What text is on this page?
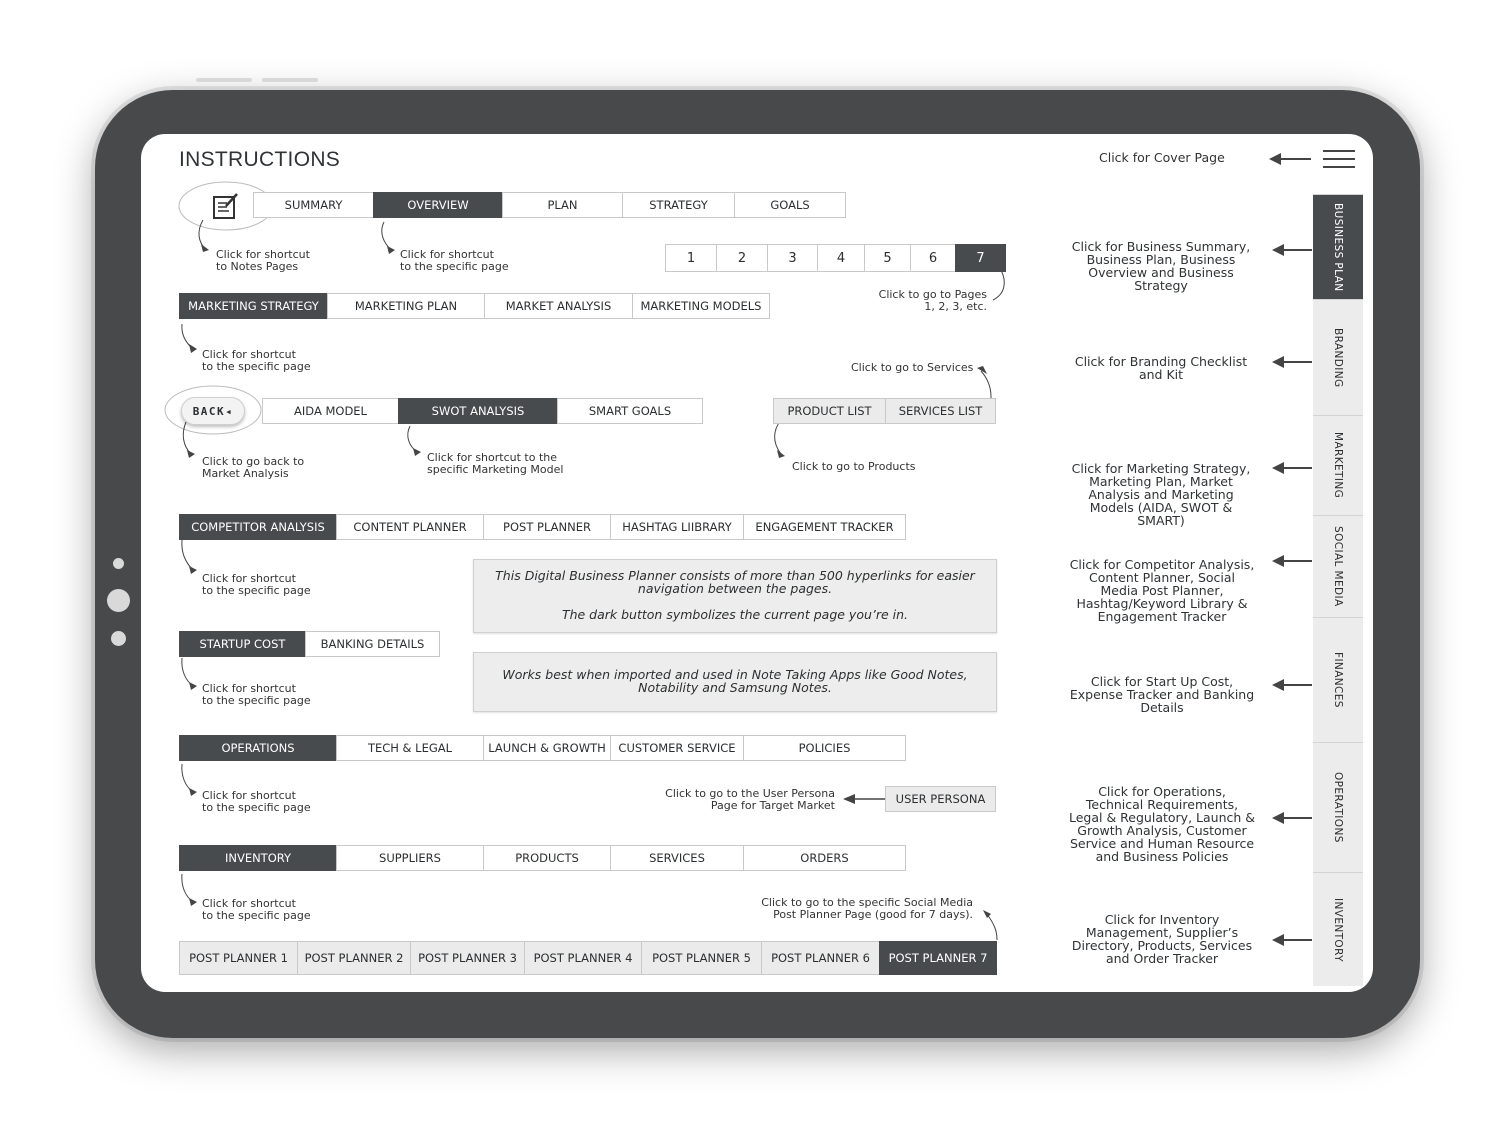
INSTRUCTIONS	Click for Cover Page
SUMMARY	OVERVIEW	PLAN	STRATEGY	GOALS
Click for shortcut
to Notes Pages
Click for shortcut
to the specific page
1	2	3	4	5	6	7
Click to go to Pages
1, 2, 3, etc.
MARKETING STRATEGY	MARKETING PLAN	MARKET ANALYSIS	MARKETING MODELS
Click for shortcut
to the specific page	Click to go to Services
BACK◂	AIDA MODEL	SWOT ANALYSIS	SMART GOALS	PRODUCT LIST	SERVICES LIST
Click to go back to
Market Analysis
Click for shortcut to the
specific Marketing Model	Click to go to Products
COMPETITOR ANALYSIS	CONTENT PLANNER	POST PLANNER	HASHTAG LIIBRARY	ENGAGEMENT TRACKER
Click for shortcut
to the specific page
This Digital Business Planner consists of more than 500 hyperlinks for easier
navigation between the pages.
The dark button symbolizes the current page you’re in.
STARTUP COST	BANKING DETAILS
Click for shortcut
to the specific page
Works best when imported and used in Note Taking Apps like Good Notes,
Notability and Samsung Notes.
OPERATIONS	TECH & LEGAL	LAUNCH & GROWTH	CUSTOMER SERVICE	POLICIES
Click for shortcut
to the specific page
Click to go to the User Persona
Page for Target Market	USER PERSONA
INVENTORY	SUPPLIERS	PRODUCTS	SERVICES	ORDERS
Click for shortcut
to the specific page
Click to go to the specific Social Media
Post Planner Page (good for 7 days).
POST PLANNER 1	POST PLANNER 2	POST PLANNER 3	POST PLANNER 4	POST PLANNER 5	POST PLANNER 6	POST PLANNER 7
Click for Business Summary,
Business Plan, Business
Overview and Business
Strategy
Click for Branding Checklist
and Kit
Click for Marketing Strategy,
Marketing Plan, Market
Analysis and Marketing
Models (AIDA, SWOT &
SMART)
Click for Competitor Analysis,
Content Planner, Social
Media Post Planner,
Hashtag/Keyword Library &
Engagement Tracker
Click for Start Up Cost,
Expense Tracker and Banking
Details
Click for Operations,
Technical Requirements,
Legal & Regulatory, Launch &
Growth Analysis, Customer
Service and Human Resource
and Business Policies
Click for Inventory
Management, Supplier’s
Directory, Products, Services
and Order Tracker
BUSINESS PLAN
BRANDING
MARKETING
SOCIAL MEDIA
FINANCES
OPERATIONS
INVENTORY
